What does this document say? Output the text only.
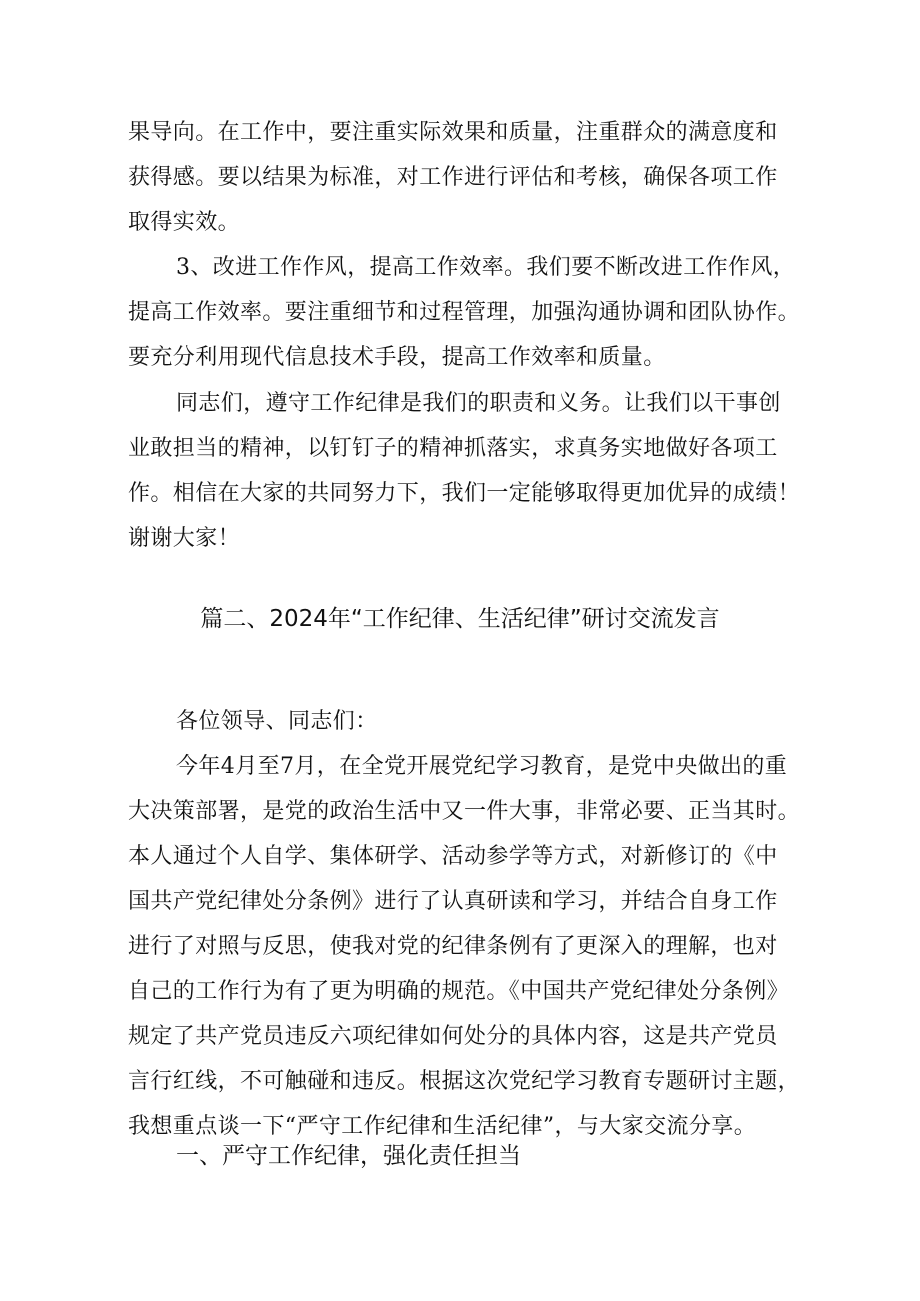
果导向。在工作中，要注重实际效果和质量，注重群众的满意度和
获得感。要以结果为标准，对工作进行评估和考核，确保各项工作
取得实效。
3、改进工作作风，提高工作效率。我们要不断改进工作作风，
提高工作效率。要注重细节和过程管理，加强沟通协调和团队协作。
要充分利用现代信息技术手段，提高工作效率和质量。
同志们，遵守工作纪律是我们的职责和义务。让我们以干事创
业敢担当的精神，以钉钉子的精神抓落实，求真务实地做好各项工
作。相信在大家的共同努力下，我们一定能够取得更加优异的成绩！
谢谢大家！
篇二、2024年“工作纪律、生活纪律”研讨交流发言
各位领导、同志们：
今年4月至7月，在全党开展党纪学习教育，是党中央做出的重
大决策部署，是党的政治生活中又一件大事，非常必要、正当其时。
本人通过个人自学、集体研学、活动参学等方式，对新修订的《中
国共产党纪律处分条例》进行了认真研读和学习，并结合自身工作
进行了对照与反思，使我对党的纪律条例有了更深入的理解，也对
自己的工作行为有了更为明确的规范。《中国共产党纪律处分条例》
规定了共产党员违反六项纪律如何处分的具体内容，这是共产党员
言行红线，不可触碰和违反。根据这次党纪学习教育专题研讨主题，
我想重点谈一下“严守工作纪律和生活纪律”，与大家交流分享。
一、严守工作纪律，强化责任担当
